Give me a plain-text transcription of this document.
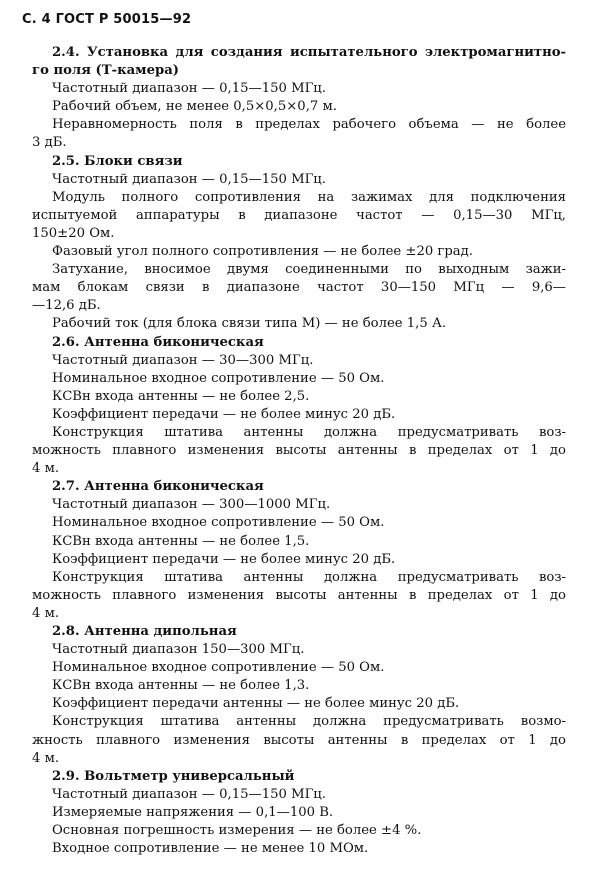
С. 4 ГОСТ Р 50015—92

2.4. Установка для создания испытательного электромагнитно-

го поля (Т-камера)

Частотный диапазон — 0,15—150 МГц.

Рабочий объем, не менее 0,5×0,5×0,7 м.

Неравномерность поля в пределах рабочего объема — не более

3 дБ.

2.5. Блоки связи

Частотный диапазон — 0,15—150 МГц.

Модуль полного сопротивления на зажимах для подключения

испытуемой аппаратуры в диапазоне частот — 0,15—30 МГц,

150±20 Ом.

Фазовый угол полного сопротивления — не более ±20 град.

Затухание, вносимое двумя соединенными по выходным зажи-

мам блокам связи в диапазоне частот 30—150 МГц — 9,6—

—12,6 дБ.

Рабочий ток (для блока связи типа М) — не более 1,5 А.

2.6. Антенна биконическая

Частотный диапазон — 30—300 МГц.

Номинальное входное сопротивление — 50 Ом.

КСВн входа антенны — не более 2,5.

Коэффициент передачи — не более минус 20 дБ.

Конструкция штатива антенны должна предусматривать воз-

можность плавного изменения высоты антенны в пределах от 1 до

4 м.

2.7. Антенна биконическая

Частотный диапазон — 300—1000 МГц.

Номинальное входное сопротивление — 50 Ом.

КСВн входа антенны — не более 1,5.

Коэффициент передачи — не более минус 20 дБ.

Конструкция штатива антенны должна предусматривать воз-

можность плавного изменения высоты антенны в пределах от 1 до

4 м.

2.8. Антенна дипольная

Частотный диапазон 150—300 МГц.

Номинальное входное сопротивление — 50 Ом.

КСВн входа антенны — не более 1,3.

Коэффициент передачи антенны — не более минус 20 дБ.

Конструкция штатива антенны должна предусматривать возмо-

жность плавного изменения высоты антенны в пределах от 1 до

4 м.

2.9. Вольтметр универсальный

Частотный диапазон — 0,15—150 МГц.

Измеряемые напряжения — 0,1—100 В.

Основная погрешность измерения — не более ±4 %.

Входное сопротивление — не менее 10 МОм.
